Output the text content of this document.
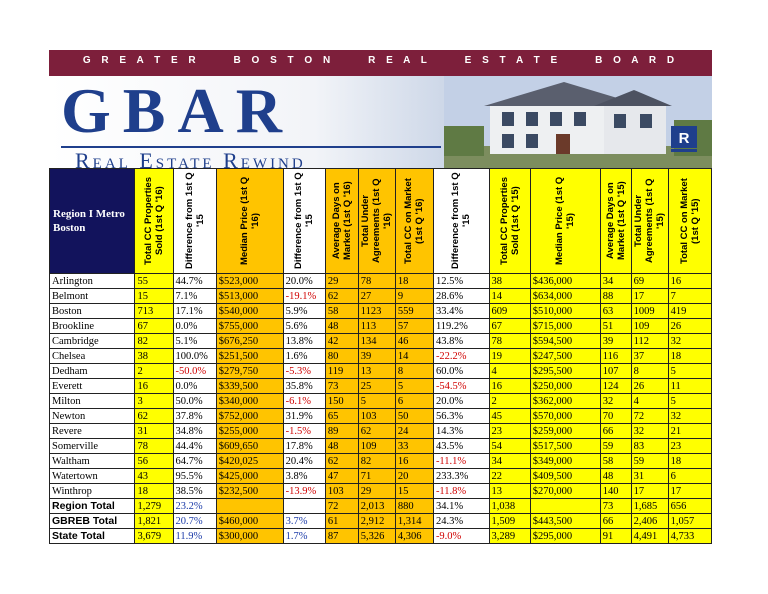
G R E A T E R     B O S T O N     R E A L     E S T A T E     B O A R D
GBAR
Real Estate Rewind
R
Region I Metro Boston	Total CC Properties Sold (1st Q '16)	Difference from 1st Q '15	Median Price (1st Q '16)	Difference from 1st Q '15	Average Days on Market (1st Q '16)	Total Under Agreements (1st Q '16)	Total CC on Market (1st Q '16)	Difference from 1st Q '15	Total CC Properties Sold (1st Q '15)	Median Price (1st Q '15)	Average Days on Market (1st Q '15)	Total Under Agreements (1st Q '15)	Total CC on Market (1st Q '15)

Arlington	55	44.7%	$523,000	20.0%	29	78	18	12.5%	38	$436,000	34	69	16
Belmont	15	7.1%	$513,000	-19.1%	62	27	9	28.6%	14	$634,000	88	17	7
Boston	713	17.1%	$540,000	5.9%	58	1123	559	33.4%	609	$510,000	63	1009	419
Brookline	67	0.0%	$755,000	5.6%	48	113	57	119.2%	67	$715,000	51	109	26
Cambridge	82	5.1%	$676,250	13.8%	42	134	46	43.8%	78	$594,500	39	112	32
Chelsea	38	100.0%	$251,500	1.6%	80	39	14	-22.2%	19	$247,500	116	37	18
Dedham	2	-50.0%	$279,750	-5.3%	119	13	8	60.0%	4	$295,500	107	8	5
Everett	16	0.0%	$339,500	35.8%	73	25	5	-54.5%	16	$250,000	124	26	11
Milton	3	50.0%	$340,000	-6.1%	150	5	6	20.0%	2	$362,000	32	4	5
Newton	62	37.8%	$752,000	31.9%	65	103	50	56.3%	45	$570,000	70	72	32
Revere	31	34.8%	$255,000	-1.5%	89	62	24	14.3%	23	$259,000	66	32	21
Somerville	78	44.4%	$609,650	17.8%	48	109	33	43.5%	54	$517,500	59	83	23
Waltham	56	64.7%	$420,025	20.4%	62	82	16	-11.1%	34	$349,000	58	59	18
Watertown	43	95.5%	$425,000	3.8%	47	71	20	233.3%	22	$409,500	48	31	6
Winthrop	18	38.5%	$232,500	-13.9%	103	29	15	-11.8%	13	$270,000	140	17	17
Region Total	1,279	23.2%			72	2,013	880	34.1%	1,038		73	1,685	656
GBREB Total	1,821	20.7%	$460,000	3.7%	61	2,912	1,314	24.3%	1,509	$443,500	66	2,406	1,057
State Total	3,679	11.9%	$300,000	1.7%	87	5,326	4,306	-9.0%	3,289	$295,000	91	4,491	4,733
